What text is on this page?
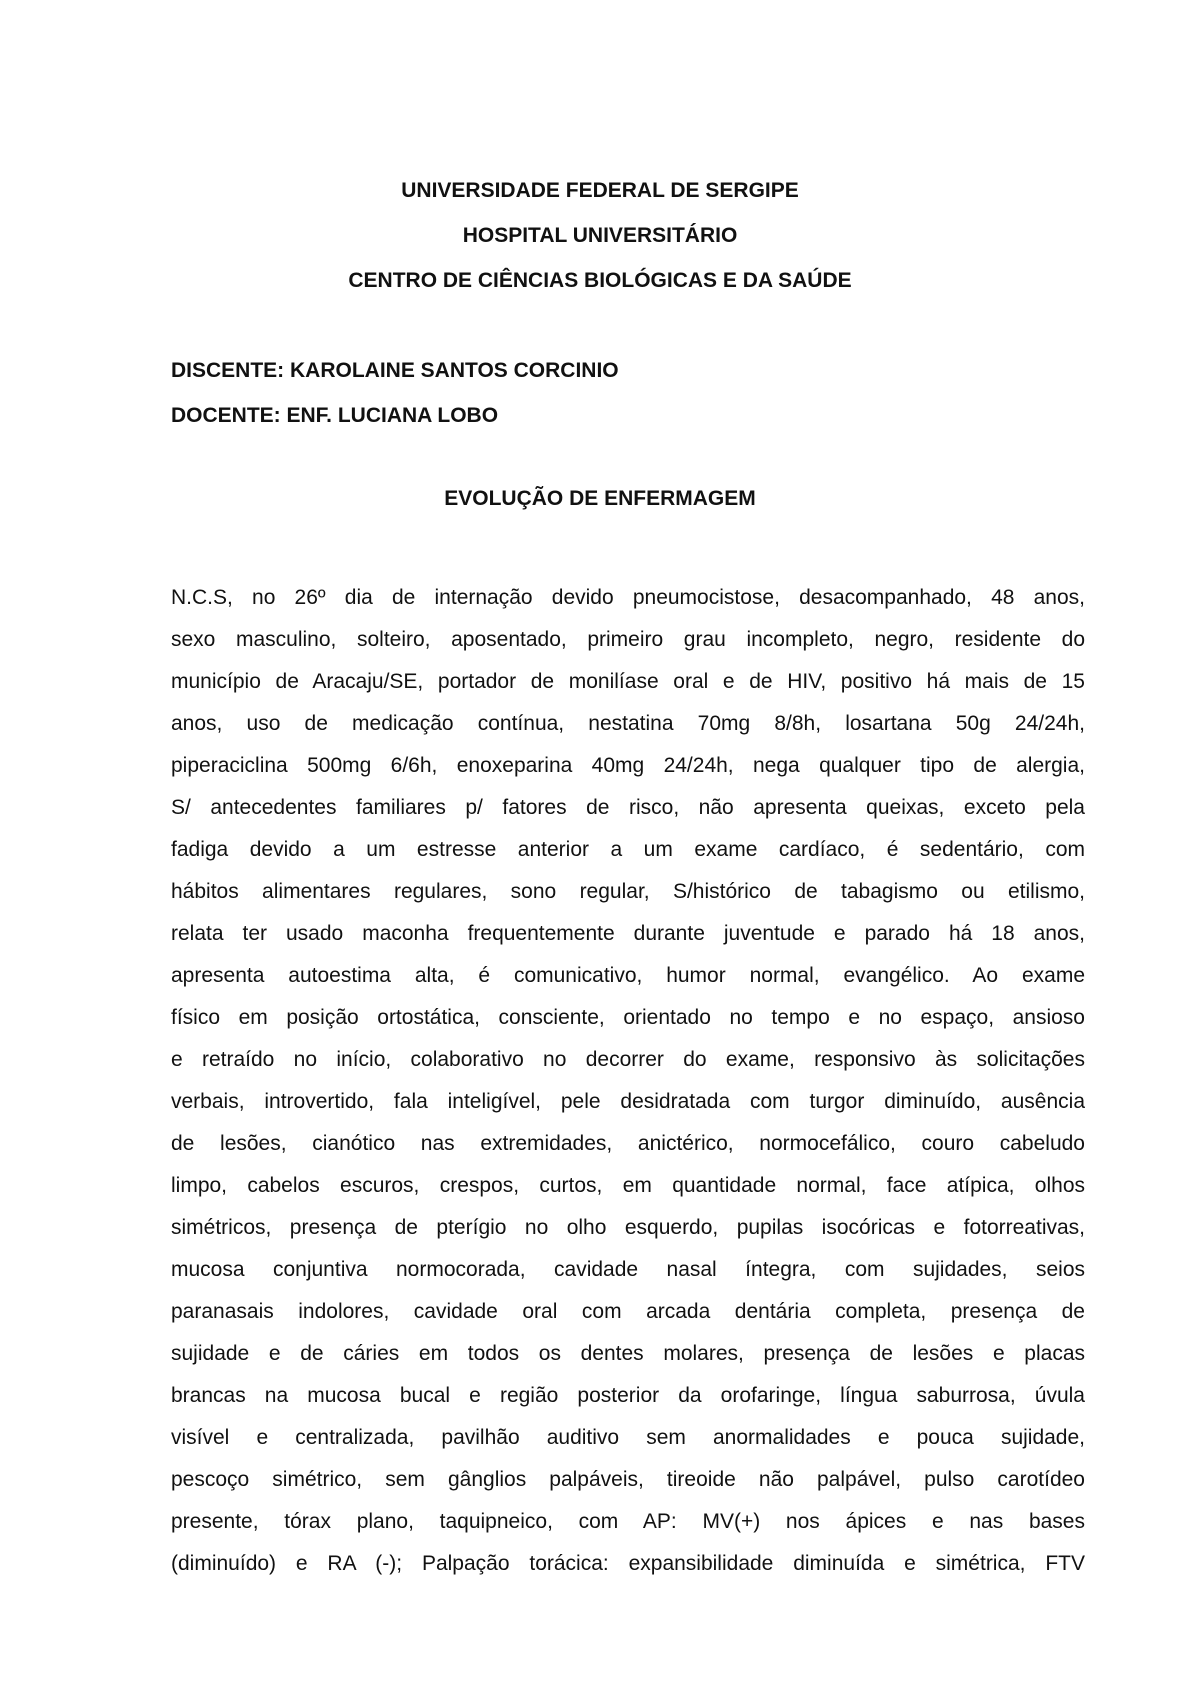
UNIVERSIDADE FEDERAL DE SERGIPE
HOSPITAL UNIVERSITÁRIO
CENTRO DE CIÊNCIAS BIOLÓGICAS E DA SAÚDE
DISCENTE: KAROLAINE SANTOS CORCINIO
DOCENTE: ENF. LUCIANA LOBO
EVOLUÇÃO DE ENFERMAGEM
N.C.S, no 26º dia de internação devido pneumocistose, desacompanhado, 48 anos,
sexo masculino, solteiro, aposentado, primeiro grau incompleto, negro, residente do
município de Aracaju/SE, portador de monilíase oral e de HIV, positivo há mais de 15
anos, uso de medicação contínua, nestatina 70mg 8/8h, losartana 50g 24/24h,
piperaciclina 500mg 6/6h, enoxeparina 40mg 24/24h, nega qualquer tipo de alergia,
S/ antecedentes familiares p/ fatores de risco, não apresenta queixas, exceto pela
fadiga devido a um estresse anterior a um exame cardíaco, é sedentário, com
hábitos alimentares regulares, sono regular, S/histórico de tabagismo ou etilismo,
relata ter usado maconha frequentemente durante juventude e parado há 18 anos,
apresenta autoestima alta, é comunicativo, humor normal, evangélico. Ao exame
físico em posição ortostática, consciente, orientado no tempo e no espaço, ansioso
e retraído no início, colaborativo no decorrer do exame, responsivo às solicitações
verbais, introvertido, fala inteligível, pele desidratada com turgor diminuído, ausência
de lesões, cianótico nas extremidades, anictérico, normocefálico, couro cabeludo
limpo, cabelos escuros, crespos, curtos, em quantidade normal, face atípica, olhos
simétricos, presença de pterígio no olho esquerdo, pupilas isocóricas e fotorreativas,
mucosa conjuntiva normocorada, cavidade nasal íntegra, com sujidades, seios
paranasais indolores, cavidade oral com arcada dentária completa, presença de
sujidade e de cáries em todos os dentes molares, presença de lesões e placas
brancas na mucosa bucal e região posterior da orofaringe, língua saburrosa, úvula
visível e centralizada, pavilhão auditivo sem anormalidades e pouca sujidade,
pescoço simétrico, sem gânglios palpáveis, tireoide não palpável, pulso carotídeo
presente, tórax plano, taquipneico, com AP: MV(+) nos ápices e nas bases
(diminuído) e RA (-); Palpação torácica: expansibilidade diminuída e simétrica, FTV
